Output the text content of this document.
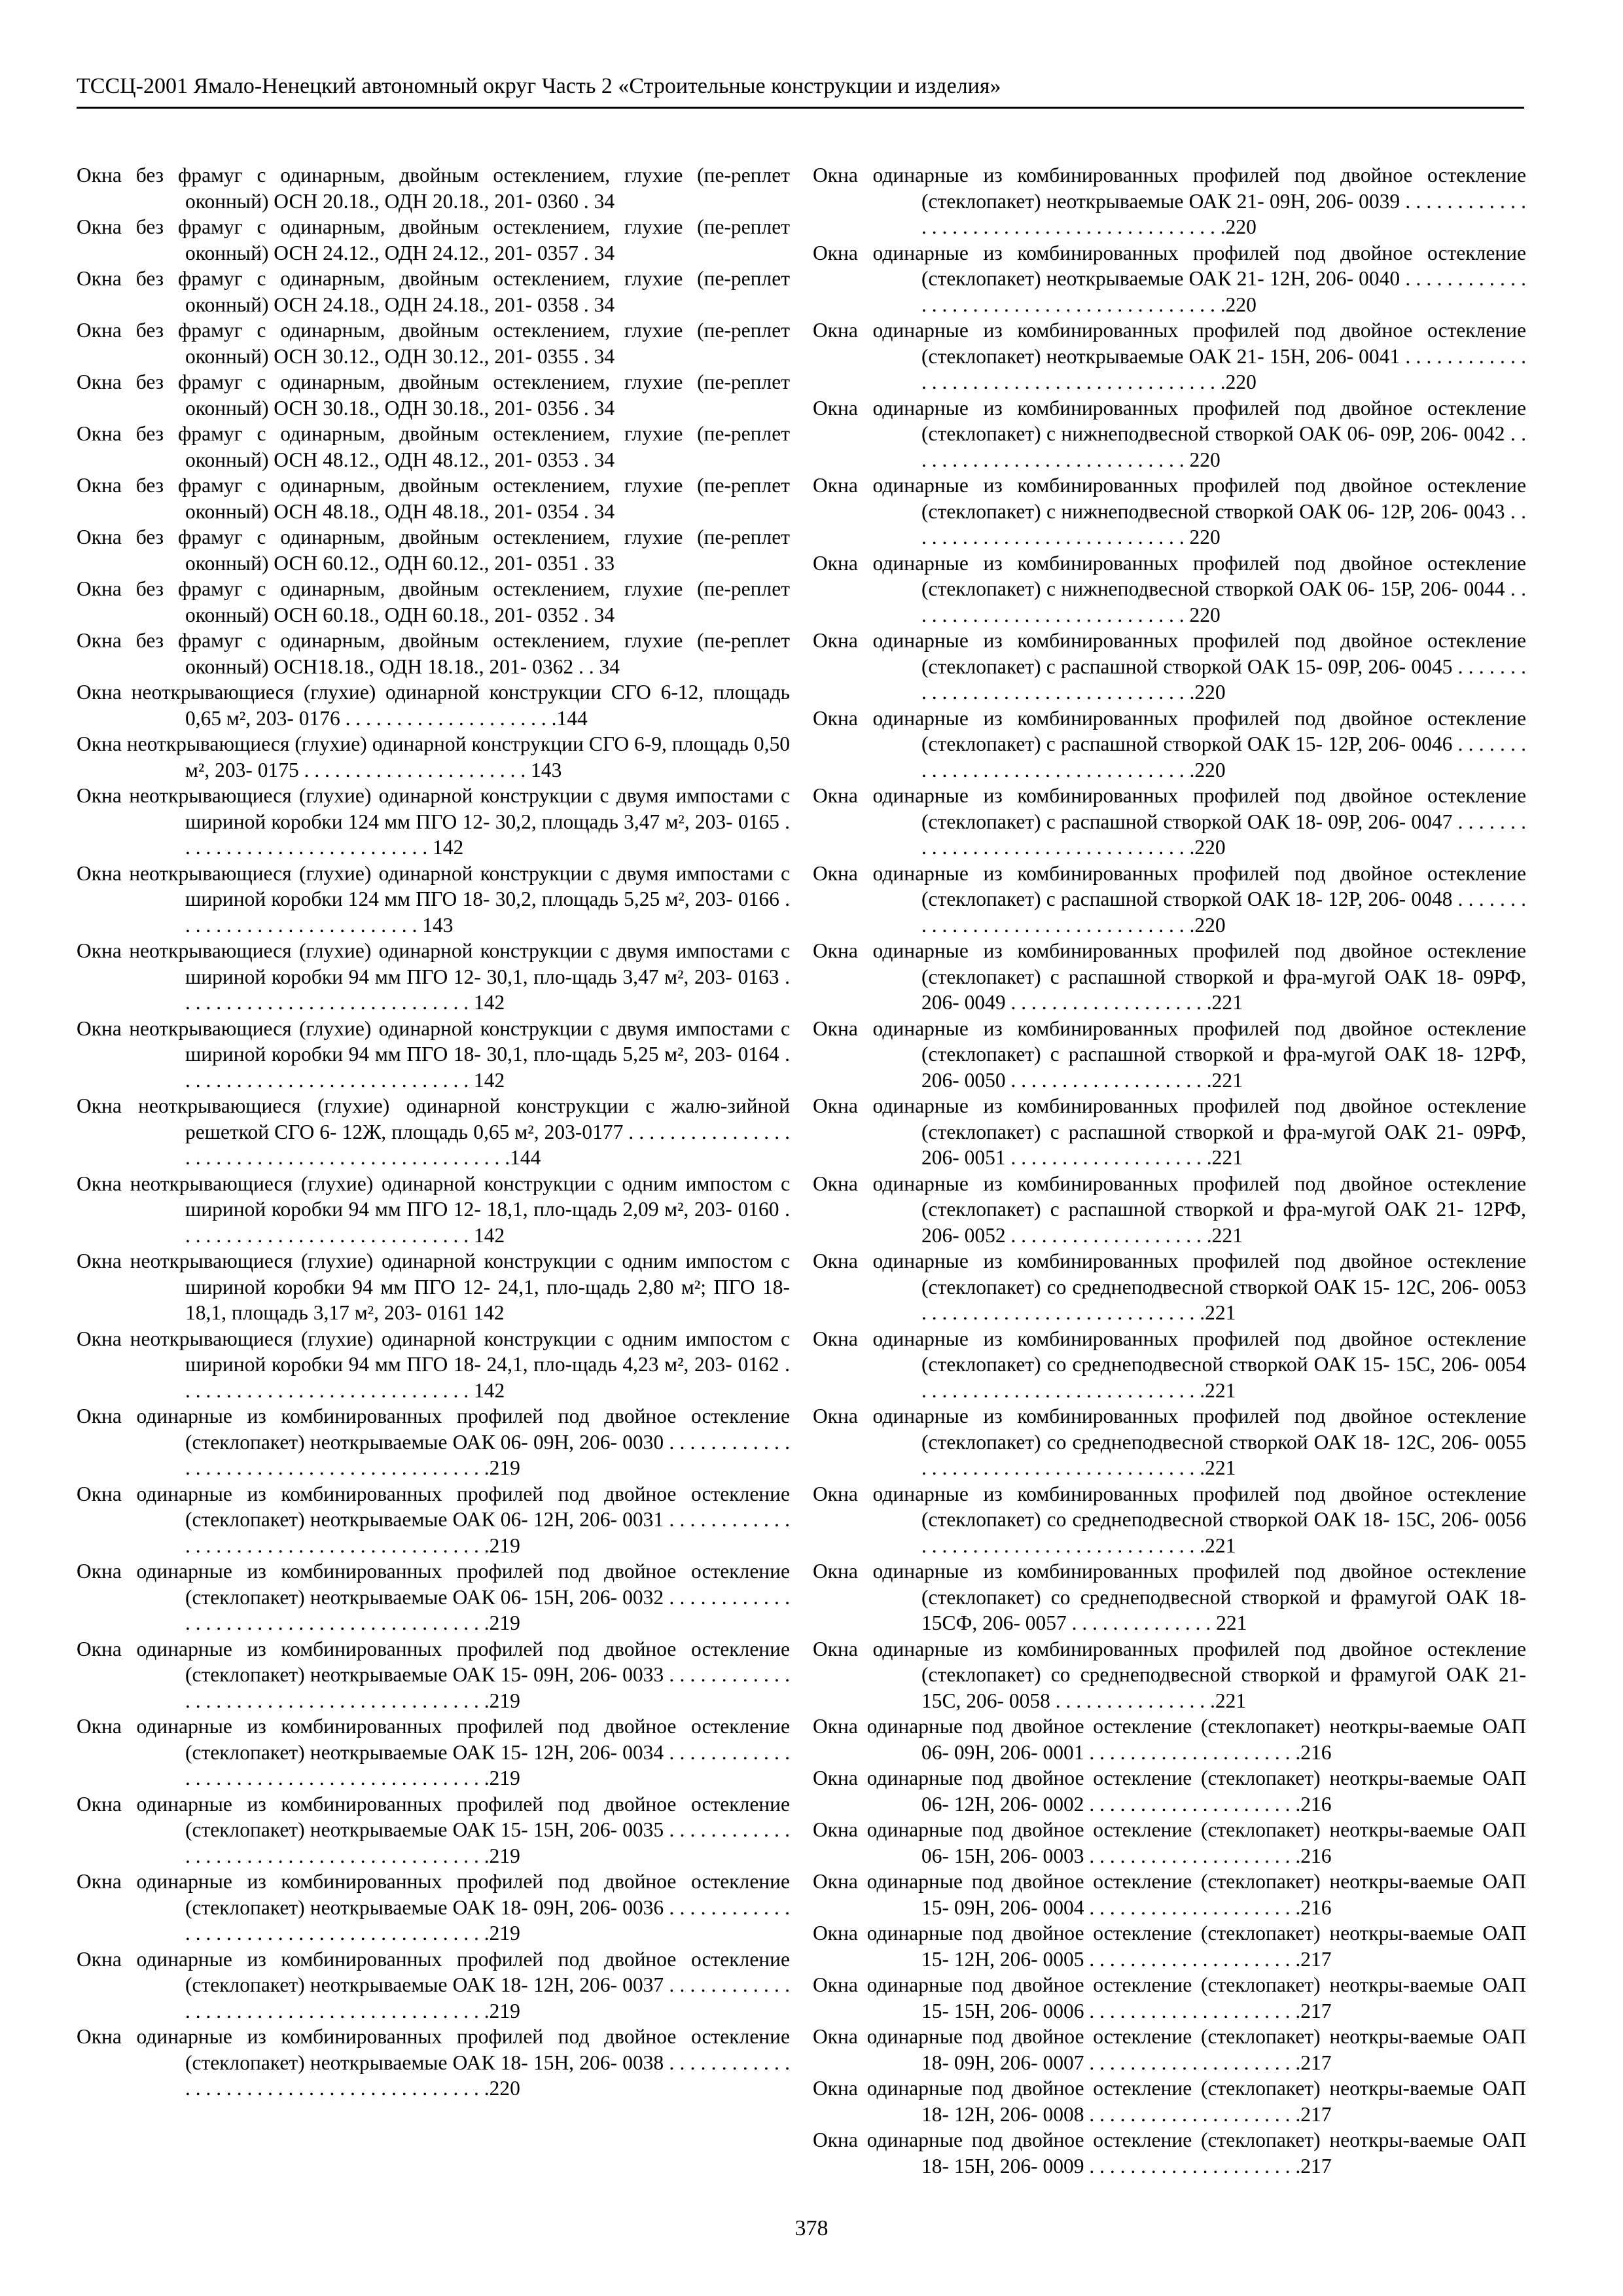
ТССЦ-2001 Ямало-Ненецкий автономный округ Часть 2 «Строительные конструкции и изделия»
Окна без фрамуг с одинарным, двойным остеклением, глухие (пе-реплет оконный) ОСН 20.18., ОДН 20.18., 201- 0360 . 34
Окна без фрамуг с одинарным, двойным остеклением, глухие (пе-реплет оконный) ОСН 24.12., ОДН 24.12., 201- 0357 . 34
Окна без фрамуг с одинарным, двойным остеклением, глухие (пе-реплет оконный) ОСН 24.18., ОДН 24.18., 201- 0358 . 34
Окна без фрамуг с одинарным, двойным остеклением, глухие (пе-реплет оконный) ОСН 30.12., ОДН 30.12., 201- 0355 . 34
Окна без фрамуг с одинарным, двойным остеклением, глухие (пе-реплет оконный) ОСН 30.18., ОДН 30.18., 201- 0356 . 34
Окна без фрамуг с одинарным, двойным остеклением, глухие (пе-реплет оконный) ОСН 48.12., ОДН 48.12., 201- 0353 . 34
Окна без фрамуг с одинарным, двойным остеклением, глухие (пе-реплет оконный) ОСН 48.18., ОДН 48.18., 201- 0354 . 34
Окна без фрамуг с одинарным, двойным остеклением, глухие (пе-реплет оконный) ОСН 60.12., ОДН 60.12., 201- 0351 . 33
Окна без фрамуг с одинарным, двойным остеклением, глухие (пе-реплет оконный) ОСН 60.18., ОДН 60.18., 201- 0352 . 34
Окна без фрамуг с одинарным, двойным остеклением, глухие (пе-реплет оконный) ОСН18.18., ОДН 18.18., 201- 0362 . . 34
Окна неоткрывающиеся (глухие) одинарной конструкции СГО 6-12, площадь 0,65 м², 203- 0176 . . . . . . . . . . . . . . . . . . . . .144
Окна неоткрывающиеся (глухие) одинарной конструкции СГО 6-9, площадь 0,50 м², 203- 0175 . . . . . . . . . . . . . . . . . . . . . . 143
Окна неоткрывающиеся (глухие) одинарной конструкции с двумя импостами с шириной коробки 124 мм ПГО 12- 30,2, площадь 3,47 м², 203- 0165 . . . . . . . . . . . . . . . . . . . . . . . . . 142
Окна неоткрывающиеся (глухие) одинарной конструкции с двумя импостами с шириной коробки 124 мм ПГО 18- 30,2, площадь 5,25 м², 203- 0166 . . . . . . . . . . . . . . . . . . . . . . . . 143
Окна неоткрывающиеся (глухие) одинарной конструкции с двумя импостами с шириной коробки 94 мм ПГО 12- 30,1, пло-щадь 3,47 м², 203- 0163 . . . . . . . . . . . . . . . . . . . . . . . . . . . . . 142
Окна неоткрывающиеся (глухие) одинарной конструкции с двумя импостами с шириной коробки 94 мм ПГО 18- 30,1, пло-щадь 5,25 м², 203- 0164 . . . . . . . . . . . . . . . . . . . . . . . . . . . . . 142
Окна неоткрывающиеся (глухие) одинарной конструкции с жалю-зийной решеткой СГО 6- 12Ж, площадь 0,65 м², 203-0177 . . . . . . . . . . . . . . . . . . . . . . . . . . . . . . . . . . . . . . . . . . . . . . . .144
Окна неоткрывающиеся (глухие) одинарной конструкции с одним импостом с шириной коробки 94 мм ПГО 12- 18,1, пло-щадь 2,09 м², 203- 0160 . . . . . . . . . . . . . . . . . . . . . . . . . . . . . 142
Окна неоткрывающиеся (глухие) одинарной конструкции с одним импостом с шириной коробки 94 мм ПГО 12- 24,1, пло-щадь 2,80 м²; ПГО 18- 18,1, площадь 3,17 м², 203- 0161 142
Окна неоткрывающиеся (глухие) одинарной конструкции с одним импостом с шириной коробки 94 мм ПГО 18- 24,1, пло-щадь 4,23 м², 203- 0162 . . . . . . . . . . . . . . . . . . . . . . . . . . . . . 142
Окна одинарные из комбинированных профилей под двойное остекление (стеклопакет) неоткрываемые ОАК 06- 09Н, 206- 0030 . . . . . . . . . . . . . . . . . . . . . . . . . . . . . . . . . . . . . . . . . .219
Окна одинарные из комбинированных профилей под двойное остекление (стеклопакет) неоткрываемые ОАК 06- 12Н, 206- 0031 . . . . . . . . . . . . . . . . . . . . . . . . . . . . . . . . . . . . . . . . . .219
Окна одинарные из комбинированных профилей под двойное остекление (стеклопакет) неоткрываемые ОАК 06- 15Н, 206- 0032 . . . . . . . . . . . . . . . . . . . . . . . . . . . . . . . . . . . . . . . . . .219
Окна одинарные из комбинированных профилей под двойное остекление (стеклопакет) неоткрываемые ОАК 15- 09Н, 206- 0033 . . . . . . . . . . . . . . . . . . . . . . . . . . . . . . . . . . . . . . . . . .219
Окна одинарные из комбинированных профилей под двойное остекление (стеклопакет) неоткрываемые ОАК 15- 12Н, 206- 0034 . . . . . . . . . . . . . . . . . . . . . . . . . . . . . . . . . . . . . . . . . .219
Окна одинарные из комбинированных профилей под двойное остекление (стеклопакет) неоткрываемые ОАК 15- 15Н, 206- 0035 . . . . . . . . . . . . . . . . . . . . . . . . . . . . . . . . . . . . . . . . . .219
Окна одинарные из комбинированных профилей под двойное остекление (стеклопакет) неоткрываемые ОАК 18- 09Н, 206- 0036 . . . . . . . . . . . . . . . . . . . . . . . . . . . . . . . . . . . . . . . . . .219
Окна одинарные из комбинированных профилей под двойное остекление (стеклопакет) неоткрываемые ОАК 18- 12Н, 206- 0037 . . . . . . . . . . . . . . . . . . . . . . . . . . . . . . . . . . . . . . . . . .219
Окна одинарные из комбинированных профилей под двойное остекление (стеклопакет) неоткрываемые ОАК 18- 15Н, 206- 0038 . . . . . . . . . . . . . . . . . . . . . . . . . . . . . . . . . . . . . . . . . .220
Окна одинарные из комбинированных профилей под двойное остекление (стеклопакет) неоткрываемые ОАК 21- 09Н, 206- 0039 . . . . . . . . . . . . . . . . . . . . . . . . . . . . . . . . . . . . . . . . . .220
Окна одинарные из комбинированных профилей под двойное остекление (стеклопакет) неоткрываемые ОАК 21- 12Н, 206- 0040 . . . . . . . . . . . . . . . . . . . . . . . . . . . . . . . . . . . . . . . . . .220
Окна одинарные из комбинированных профилей под двойное остекление (стеклопакет) неоткрываемые ОАК 21- 15Н, 206- 0041 . . . . . . . . . . . . . . . . . . . . . . . . . . . . . . . . . . . . . . . . . .220
Окна одинарные из комбинированных профилей под двойное остекление (стеклопакет) с нижнеподвесной створкой ОАК 06- 09Р, 206- 0042 . . . . . . . . . . . . . . . . . . . . . . . . . . . . 220
Окна одинарные из комбинированных профилей под двойное остекление (стеклопакет) с нижнеподвесной створкой ОАК 06- 12Р, 206- 0043 . . . . . . . . . . . . . . . . . . . . . . . . . . . . 220
Окна одинарные из комбинированных профилей под двойное остекление (стеклопакет) с нижнеподвесной створкой ОАК 06- 15Р, 206- 0044 . . . . . . . . . . . . . . . . . . . . . . . . . . . . 220
Окна одинарные из комбинированных профилей под двойное остекление (стеклопакет) с распашной створкой ОАК 15- 09Р, 206- 0045 . . . . . . . . . . . . . . . . . . . . . . . . . . . . . . . . . .220
Окна одинарные из комбинированных профилей под двойное остекление (стеклопакет) с распашной створкой ОАК 15- 12Р, 206- 0046 . . . . . . . . . . . . . . . . . . . . . . . . . . . . . . . . . .220
Окна одинарные из комбинированных профилей под двойное остекление (стеклопакет) с распашной створкой ОАК 18- 09Р, 206- 0047 . . . . . . . . . . . . . . . . . . . . . . . . . . . . . . . . . .220
Окна одинарные из комбинированных профилей под двойное остекление (стеклопакет) с распашной створкой ОАК 18- 12Р, 206- 0048 . . . . . . . . . . . . . . . . . . . . . . . . . . . . . . . . . .220
Окна одинарные из комбинированных профилей под двойное остекление (стеклопакет) с распашной створкой и фра-мугой ОАК 18- 09РФ, 206- 0049 . . . . . . . . . . . . . . . . . . . .221
Окна одинарные из комбинированных профилей под двойное остекление (стеклопакет) с распашной створкой и фра-мугой ОАК 18- 12РФ, 206- 0050 . . . . . . . . . . . . . . . . . . . .221
Окна одинарные из комбинированных профилей под двойное остекление (стеклопакет) с распашной створкой и фра-мугой ОАК 21- 09РФ, 206- 0051 . . . . . . . . . . . . . . . . . . . .221
Окна одинарные из комбинированных профилей под двойное остекление (стеклопакет) с распашной створкой и фра-мугой ОАК 21- 12РФ, 206- 0052 . . . . . . . . . . . . . . . . . . . .221
Окна одинарные из комбинированных профилей под двойное остекление (стеклопакет) со среднеподвесной створкой ОАК 15- 12С, 206- 0053 . . . . . . . . . . . . . . . . . . . . . . . . . . . .221
Окна одинарные из комбинированных профилей под двойное остекление (стеклопакет) со среднеподвесной створкой ОАК 15- 15С, 206- 0054 . . . . . . . . . . . . . . . . . . . . . . . . . . . .221
Окна одинарные из комбинированных профилей под двойное остекление (стеклопакет) со среднеподвесной створкой ОАК 18- 12С, 206- 0055 . . . . . . . . . . . . . . . . . . . . . . . . . . . .221
Окна одинарные из комбинированных профилей под двойное остекление (стеклопакет) со среднеподвесной створкой ОАК 18- 15С, 206- 0056 . . . . . . . . . . . . . . . . . . . . . . . . . . . .221
Окна одинарные из комбинированных профилей под двойное остекление (стеклопакет) со среднеподвесной створкой и фрамугой ОАК 18- 15СФ, 206- 0057 . . . . . . . . . . . . . . 221
Окна одинарные из комбинированных профилей под двойное остекление (стеклопакет) со среднеподвесной створкой и фрамугой ОАК 21- 15С, 206- 0058 . . . . . . . . . . . . . . . .221
Окна одинарные под двойное остекление (стеклопакет) неоткры-ваемые ОАП 06- 09Н, 206- 0001 . . . . . . . . . . . . . . . . . . . . .216
Окна одинарные под двойное остекление (стеклопакет) неоткры-ваемые ОАП 06- 12Н, 206- 0002 . . . . . . . . . . . . . . . . . . . . .216
Окна одинарные под двойное остекление (стеклопакет) неоткры-ваемые ОАП 06- 15Н, 206- 0003 . . . . . . . . . . . . . . . . . . . . .216
Окна одинарные под двойное остекление (стеклопакет) неоткры-ваемые ОАП 15- 09Н, 206- 0004 . . . . . . . . . . . . . . . . . . . . .216
Окна одинарные под двойное остекление (стеклопакет) неоткры-ваемые ОАП 15- 12Н, 206- 0005 . . . . . . . . . . . . . . . . . . . . .217
Окна одинарные под двойное остекление (стеклопакет) неоткры-ваемые ОАП 15- 15Н, 206- 0006 . . . . . . . . . . . . . . . . . . . . .217
Окна одинарные под двойное остекление (стеклопакет) неоткры-ваемые ОАП 18- 09Н, 206- 0007 . . . . . . . . . . . . . . . . . . . . .217
Окна одинарные под двойное остекление (стеклопакет) неоткры-ваемые ОАП 18- 12Н, 206- 0008 . . . . . . . . . . . . . . . . . . . . .217
Окна одинарные под двойное остекление (стеклопакет) неоткры-ваемые ОАП 18- 15Н, 206- 0009 . . . . . . . . . . . . . . . . . . . . .217
378
